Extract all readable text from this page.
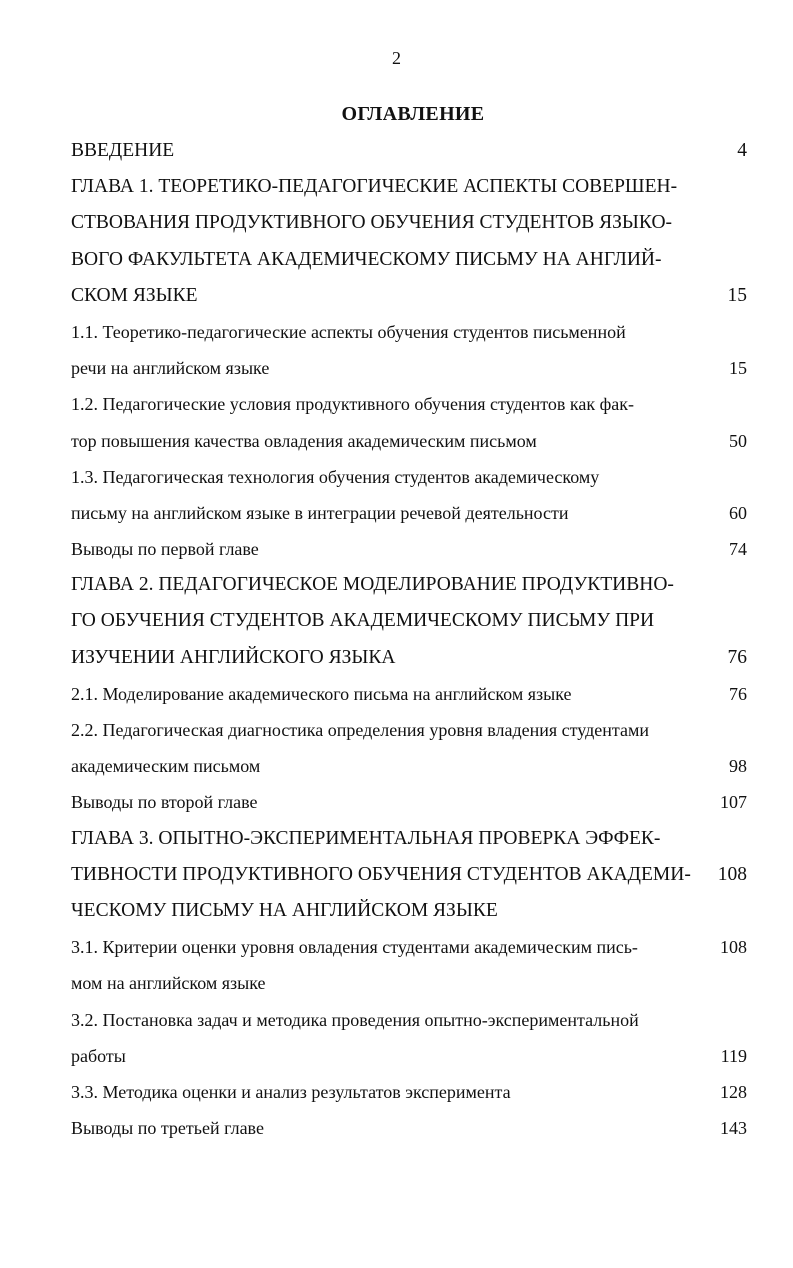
2
ОГЛАВЛЕНИЕ
ВВЕДЕНИЕ	4
ГЛАВА 1. ТЕОРЕТИКО-ПЕДАГОГИЧЕСКИЕ АСПЕКТЫ СОВЕРШЕН-
СТВОВАНИЯ ПРОДУКТИВНОГО ОБУЧЕНИЯ СТУДЕНТОВ ЯЗЫКО-
ВОГО ФАКУЛЬТЕТА АКАДЕМИЧЕСКОМУ ПИСЬМУ НА АНГЛИЙ-
СКОМ ЯЗЫКЕ	15
1.1. Теоретико-педагогические аспекты обучения студентов письменной
речи на английском языке	15
1.2. Педагогические условия продуктивного обучения студентов как фак-
тор повышения качества овладения академическим письмом	50
1.3. Педагогическая технология обучения студентов академическому
письму на английском языке в интеграции речевой деятельности	60
Выводы по первой главе	74
ГЛАВА 2. ПЕДАГОГИЧЕСКОЕ МОДЕЛИРОВАНИЕ ПРОДУКТИВНО-
ГО ОБУЧЕНИЯ СТУДЕНТОВ АКАДЕМИЧЕСКОМУ ПИСЬМУ ПРИ
ИЗУЧЕНИИ АНГЛИЙСКОГО ЯЗЫКА	76
2.1. Моделирование академического письма на английском языке	76
2.2. Педагогическая диагностика определения уровня владения студентами
академическим письмом	98
Выводы по второй главе	107
ГЛАВА 3. ОПЫТНО-ЭКСПЕРИМЕНТАЛЬНАЯ ПРОВЕРКА ЭФФЕК-
ТИВНОСТИ ПРОДУКТИВНОГО ОБУЧЕНИЯ СТУДЕНТОВ АКАДЕМИ- 108
ЧЕСКОМУ ПИСЬМУ НА АНГЛИЙСКОМ ЯЗЫКЕ
3.1. Критерии оценки уровня овладения студентами академическим пись-	108
мом на английском языке
3.2. Постановка задач и методика проведения опытно-экспериментальной
работы	119
3.3. Методика оценки и анализ результатов эксперимента	128
Выводы по третьей главе	143
